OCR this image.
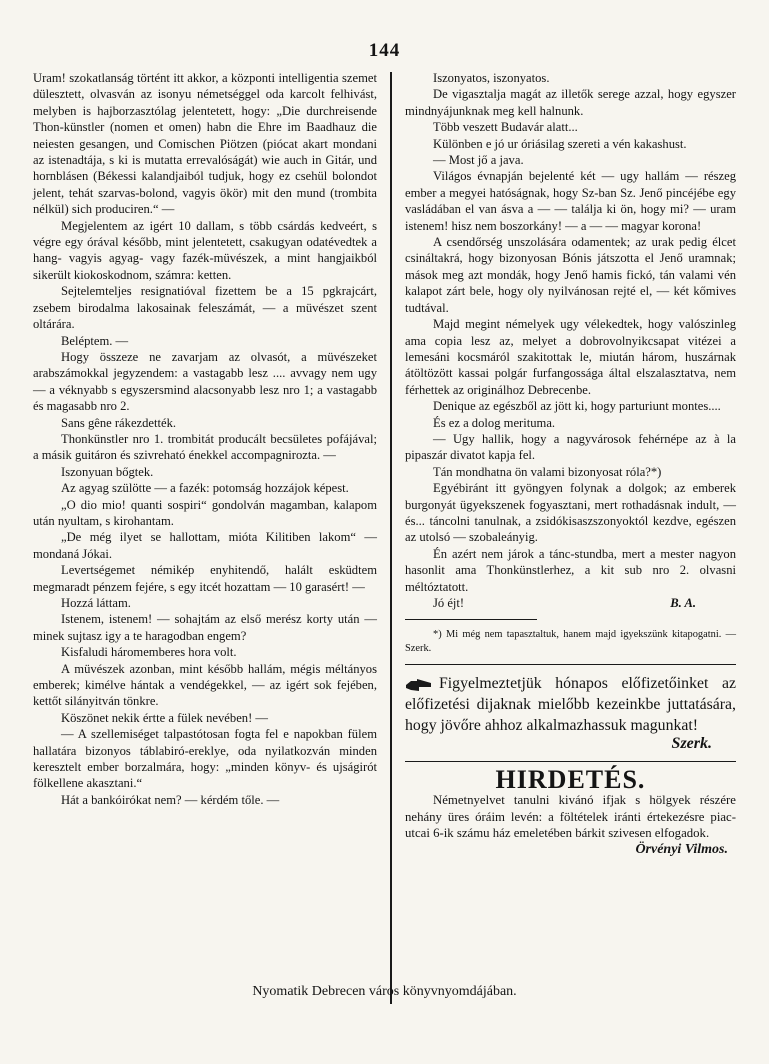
144

Uram! szokatlanság történt itt akkor, a központi intelligentia szemet dülesztett, olvasván az isonyu németséggel oda karcolt felhivást, melyben is hajborzasztólag jelentetett, hogy: „Die durchreisende Thon-künstler (nomen et omen) habn die Ehre im Baadhauz die neiesten gesangen, und Comischen Piötzen (piócat akart mondani az istenadtája, s ki is mutatta errevalóságát) wie auch in Gitár, und hornblásen (Békessi kalandjaiból tudjuk, hogy ez csehül bolondot jelent, tehát szarvas-bolond, vagyis ökör) mit den mund (trombita nélkül) sich produciren.“ —

Megjelentem az igért 10 dallam, s több csárdás kedveért, s végre egy órával később, mint jelentetett, csakugyan odatévedtek a hang- vagyis agyag- vagy fazék-müvészek, a mint hangjaikból sikerült kiokoskodnom, számra: ketten.

Sejtelemteljes resignatióval fizettem be a 15 pgkrajcárt, zsebem birodalma lakosainak feleszámát, — a müvészet szent oltárára.

Beléptem. —

Hogy összeze ne zavarjam az olvasót, a müvészeket arabszámokkal jegyzendem: a vastagabb lesz .... avvagy nem ugy — a véknyabb s egyszersmind alacsonyabb lesz nro 1; a vastagabb és magasabb nro 2.

Sans gêne rákezdették.

Thonkünstler nro 1. trombitát producált becsületes pofájával; a másik guitáron és szivreható énekkel accompagnirozta. —

Iszonyuan bőgtek.

Az agyag szülötte — a fazék: potomság hozzájok képest.

„O dio mio! quanti sospiri“ gondolván magamban, kalapom után nyultam, s kirohantam.

„De még ilyet se hallottam, mióta Kilitiben lakom“ — mondaná Jókai.

Levertségemet némikép enyhitendő, halált esküdtem megmaradt pénzem fejére, s egy itcét hozattam — 10 garasért! —

Hozzá láttam.

Istenem, istenem! — sohajtám az első merész korty után — minek sujtasz igy a te haragodban engem?

Kisfaludi háromemberes hora volt.

A müvészek azonban, mint később hallám, mégis méltányos emberek; kimélve hántak a vendégekkel, — az igért sok fejében, kettőt silányitván tönkre.

Köszönet nekik értte a fülek nevében! —

— A szellemiséget talpastótosan fogta fel e napokban fülem hallatára bizonyos táblabiró-ereklye, oda nyilatkozván minden keresztelt ember borzalmára, hogy: „minden könyv- és ujságirót fölkellene akasztani.“

Hát a bankóirókat nem? — kérdém tőle. —

Iszonyatos, iszonyatos.

De vigasztalja magát az illetők serege azzal, hogy egyszer mindnyájunknak meg kell halnunk.

Több veszett Budavár alatt...

Különben e jó ur óriásilag szereti a vén kakashust.

— Most jő a java.

Világos évnapján bejelenté két — ugy hallám — részeg ember a megyei hatóságnak, hogy Sz-ban Sz. Jenő pincéjébe egy vasládában el van ásva a — — találja ki ön, hogy mi? — uram istenem! hisz nem boszorkány! — a — — magyar korona!

A csendőrség unszolására odamentek; az urak pedig élcet csináltakrá, hogy bizonyosan Bónis játszotta el Jenő uramnak; mások meg azt mondák, hogy Jenő hamis fickó, tán valami vén kalapot zárt bele, hogy oly nyilvánosan rejté el, — két kőmives tudtával.

Majd megint némelyek ugy vélekedtek, hogy valószinleg ama copia lesz az, melyet a dobrovolnyikcsapat vitézei a lemesáni kocsmáról szakitottak le, miután három, huszárnak átöltözött kassai polgár furfangossága által elszalasztatva, nem férhettek az originálhoz Debrecenbe.

Denique az egészből az jött ki, hogy parturiunt montes....

És ez a dolog merituma.

— Ugy hallik, hogy a nagyvárosok fehérnépe az à la pipaszár divatot kapja fel.

Tán mondhatna ön valami bizonyosat róla?*)

Egyébiránt itt gyöngyen folynak a dolgok; az emberek burgonyát ügyekszenek fogyasztani, mert rothadásnak indult, — és... táncolni tanulnak, a zsidókisaszszonyoktól kezdve, egészen az utolsó — szobaleányig.

Én azért nem járok a tánc-stundba, mert a mester nagyon hasonlit ama Thonkünstlerhez, a kit sub nro 2. olvasni méltóztatott.

Jó éjt!	B. A.

*) Mi még nem tapasztaltuk, hanem majd igyekszünk kitapogatni. — Szerk.

Figyelmeztetjük hónapos előfizetőinket az előfizetési dijaknak mielőbb kezeinkbe juttatására, hogy jövőre ahhoz alkalmazhassuk magunkat!
Szerk.
HIRDETÉS.

Németnyelvet tanulni kivánó ifjak s hölgyek részére nehány üres óráim levén: a föltételek iránti értekezésre piac-utcai 6-ik számu ház emeletében bárkit szivesen elfogadok.
Örvényi Vilmos.

Nyomatik Debrecen város könyvnyomdájában.
